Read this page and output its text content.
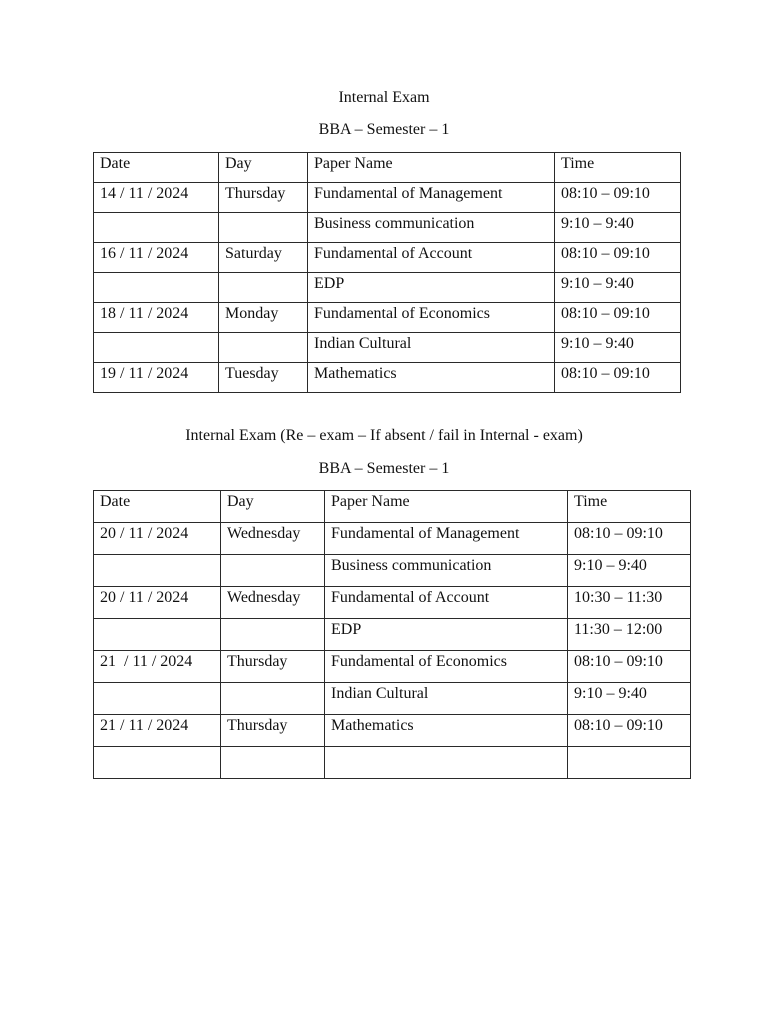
Internal Exam
BBA – Semester – 1
Date	Day	Paper Name	Time
14 / 11 / 2024	Thursday	Fundamental of Management	08:10 – 09:10
		Business communication	9:10 – 9:40
16 / 11 / 2024	Saturday	Fundamental of Account	08:10 – 09:10
		EDP	9:10 – 9:40
18 / 11 / 2024	Monday	Fundamental of Economics	08:10 – 09:10
		Indian Cultural	9:10 – 9:40
19 / 11 / 2024	Tuesday	Mathematics	08:10 – 09:10
Internal Exam (Re – exam – If absent / fail in Internal - exam)
BBA – Semester – 1
Date	Day	Paper Name	Time
20 / 11 / 2024	Wednesday	Fundamental of Management	08:10 – 09:10
		Business communication	9:10 – 9:40
20 / 11 / 2024	Wednesday	Fundamental of Account	10:30 – 11:30
		EDP	11:30 – 12:00
21  / 11 / 2024	Thursday	Fundamental of Economics	08:10 – 09:10
		Indian Cultural	9:10 – 9:40
21 / 11 / 2024	Thursday	Mathematics	08:10 – 09:10
